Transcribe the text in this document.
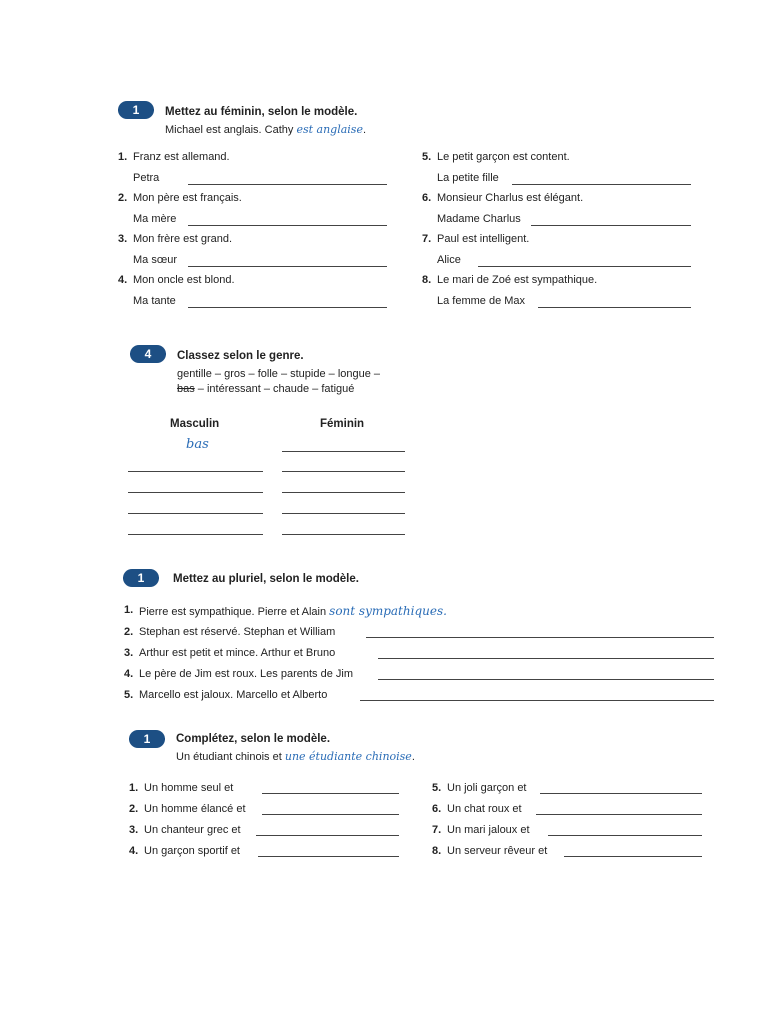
1	Mettez au féminin, selon le modèle.
Michael est anglais. Cathy est anglaise.
1. Franz est allemand.
Petra
2. Mon père est français.
Ma mère
3. Mon frère est grand.
Ma sœur
4. Mon oncle est blond.
Ma tante
5. Le petit garçon est content.
La petite fille
6. Monsieur Charlus est élégant.
Madame Charlus
7. Paul est intelligent.
Alice
8. Le mari de Zoé est sympathique.
La femme de Max
4	Classez selon le genre.
gentille – gros – folle – stupide – longue –
bas – intéressant – chaude – fatigué
Masculin	Féminin
bas
1	Mettez au pluriel, selon le modèle.
1. Pierre est sympathique. Pierre et Alain sont sympathiques.
2. Stephan est réservé. Stephan et William
3. Arthur est petit et mince. Arthur et Bruno
4. Le père de Jim est roux. Les parents de Jim
5. Marcello est jaloux. Marcello et Alberto
1	Complétez, selon le modèle.
Un étudiant chinois et une étudiante chinoise.
1. Un homme seul et
2. Un homme élancé et
3. Un chanteur grec et
4. Un garçon sportif et
5. Un joli garçon et
6. Un chat roux et
7. Un mari jaloux et
8. Un serveur rêveur et
